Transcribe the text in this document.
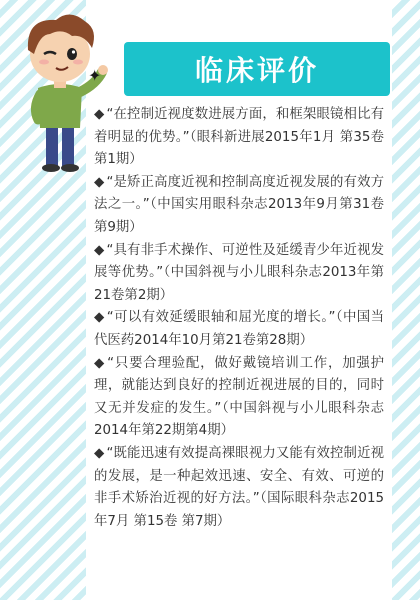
临床评价
✦
◆ “在控制近视度数进展方面，和框架眼镜相比有着明显的优势。”（眼科新进展2015年1月 第35卷 第1期）
◆ “是矫正高度近视和控制高度近视发展的有效方法之一。”（中国实用眼科杂志2013年9月第31卷第9期）
◆ “具有非手术操作、可逆性及延缓青少年近视发展等优势。”（中国斜视与小儿眼科杂志2013年第21卷第2期）
◆ “可以有效延缓眼轴和屈光度的增长。”（中国当代医药2014年10月第21卷第28期）
◆ “只要合理验配，做好戴镜培训工作，加强护理，就能达到良好的控制近视进展的目的，同时又无并发症的发生。”（中国斜视与小儿眼科杂志2014年第22期第4期）
◆ “既能迅速有效提高裸眼视力又能有效控制近视的发展，是一种起效迅速、安全、有效、可逆的非手术矫治近视的好方法。”（国际眼科杂志2015年7月 第15卷 第7期）
